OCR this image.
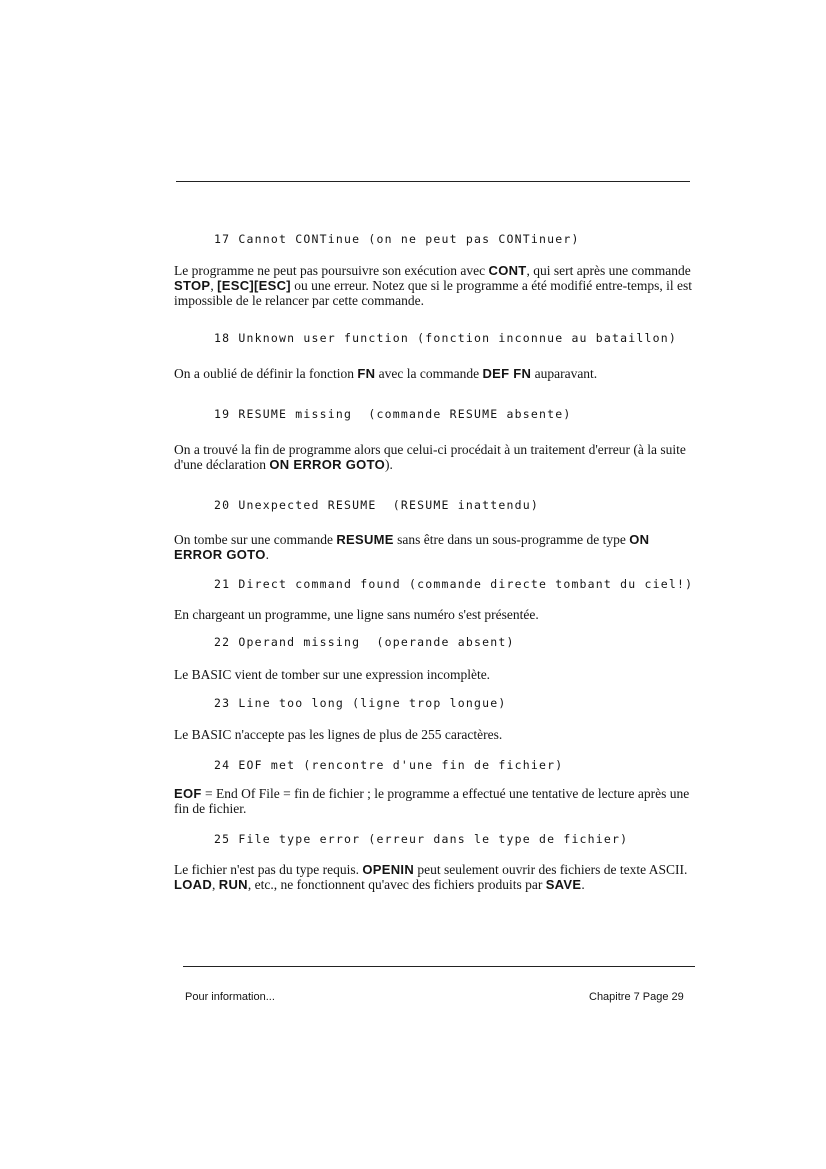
17 Cannot CONTinue (on ne peut pas CONTinuer)

Le programme ne peut pas poursuivre son exécution avec CONT, qui sert après une commande STOP, [ESC][ESC] ou une erreur. Notez que si le programme a été modifié entre-temps, il est impossible de le relancer par cette commande.

18 Unknown user function (fonction inconnue au bataillon)

On a oublié de définir la fonction FN avec la commande DEF FN auparavant.

19 RESUME missing  (commande RESUME absente)

On a trouvé la fin de programme alors que celui-ci procédait à un traitement d'erreur (à la suite d'une déclaration ON ERROR GOTO).

20 Unexpected RESUME  (RESUME inattendu)

On tombe sur une commande RESUME sans être dans un sous-programme de type ON ERROR GOTO.

21 Direct command found (commande directe tombant du ciel!)

En chargeant un programme, une ligne sans numéro s'est présentée.

22 Operand missing  (operande absent)

Le BASIC vient de tomber sur une expression incomplète.

23 Line too long (ligne trop longue)

Le BASIC n'accepte pas les lignes de plus de 255 caractères.

24 EOF met (rencontre d'une fin de fichier)

EOF = End Of File = fin de fichier ; le programme a effectué une tentative de lecture après une fin de fichier.

25 File type error (erreur dans le type de fichier)

Le fichier n'est pas du type requis. OPENIN peut seulement ouvrir des fichiers de texte ASCII. LOAD, RUN, etc., ne fonctionnent qu'avec des fichiers produits par SAVE.

Pour information...	Chapitre 7 Page 29
